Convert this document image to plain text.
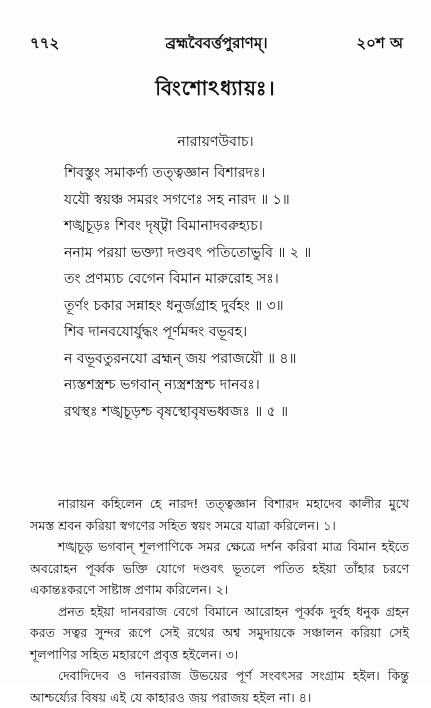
৭৭২	ব্রহ্মবৈবর্ত্তপুরাণম্।	২০শ অ
বিংশোঽধ্যায়ঃ।
নারায়ণউবাচ।
শিবস্তুং সমাকর্ণ্য তত্ত্বজ্ঞান বিশারদঃ।
যযৌ স্বয়ঞ্চ সমরং সগণেঃ সহ নারদ ॥ ১॥
শঙ্খচূড়ঃ শিবং দৃষ্ট্বা বিমানাদবরুহ্যচ।
ননাম পরয়া ভক্ত্যা দণ্ডবৎ পতিতোভুবি ॥ ২ ॥
তং প্রণম্যচ বেগেন বিমান মারুরোহ সঃ।
তূর্ণং চকার সন্নাহং ধনুর্জগ্রাহ দুর্বহং ॥ ৩॥
শিব দানবযোর্যুদ্ধং পূর্ণমব্দং বভূবহ।
ন বভূবতুরনযো ব্রহ্মন্ জয় পরাজয়ৌ ॥ ৪॥
ন্যস্তশস্ত্রশ্চ ভগবান্ ন্যস্ত্রশস্ত্রশ্চ দানবঃ।
রথস্থঃ শঙ্খচূড়শ্চ বৃষস্থোবৃষভধ্বজঃ ॥ ৫ ॥

নারায়ন কহিলেন হে নারদ! তত্ত্বজ্ঞান বিশারদ মহাদেব কালীর মুখে সমস্ত শ্রবন করিয়া স্বগণের সহিত স্বয়ং সমরে যাত্রা করিলেন। ১।

শঙ্খচূড় ভগবান্ শূলপাণিকে সমর ক্ষেত্রে দর্শন করিবা মাত্র বিমান হইতে অবরোহন পূর্ব্বক ভক্তি যোগে দণ্ডবৎ ভূতলে পতিত হইয়া তাঁহার চরণে একান্তঃকরণে সাষ্টাঙ্গ প্রণাম করিলেন। ২।

প্রনত হইয়া দানবরাজ বেগে বিমানে আরোহন পূর্ব্বক দুর্বহ ধনুক গ্রহন করত সত্বর সুন্দর রূপে সেই রথের অশ্ব সমুদায়কে সঞ্চালন করিয়া সেই শূলপাণির সহিত মহারণে প্রবৃত্ত হইলেন। ৩।

দেবাদিদেব ও দানবরাজ উভয়ের পূর্ণ সংবৎসর সংগ্রাম হইল। কিন্তু আশ্চর্য্যের বিষয় এই যে কাহারও জয় পরাজয় হইল না। ৪।
